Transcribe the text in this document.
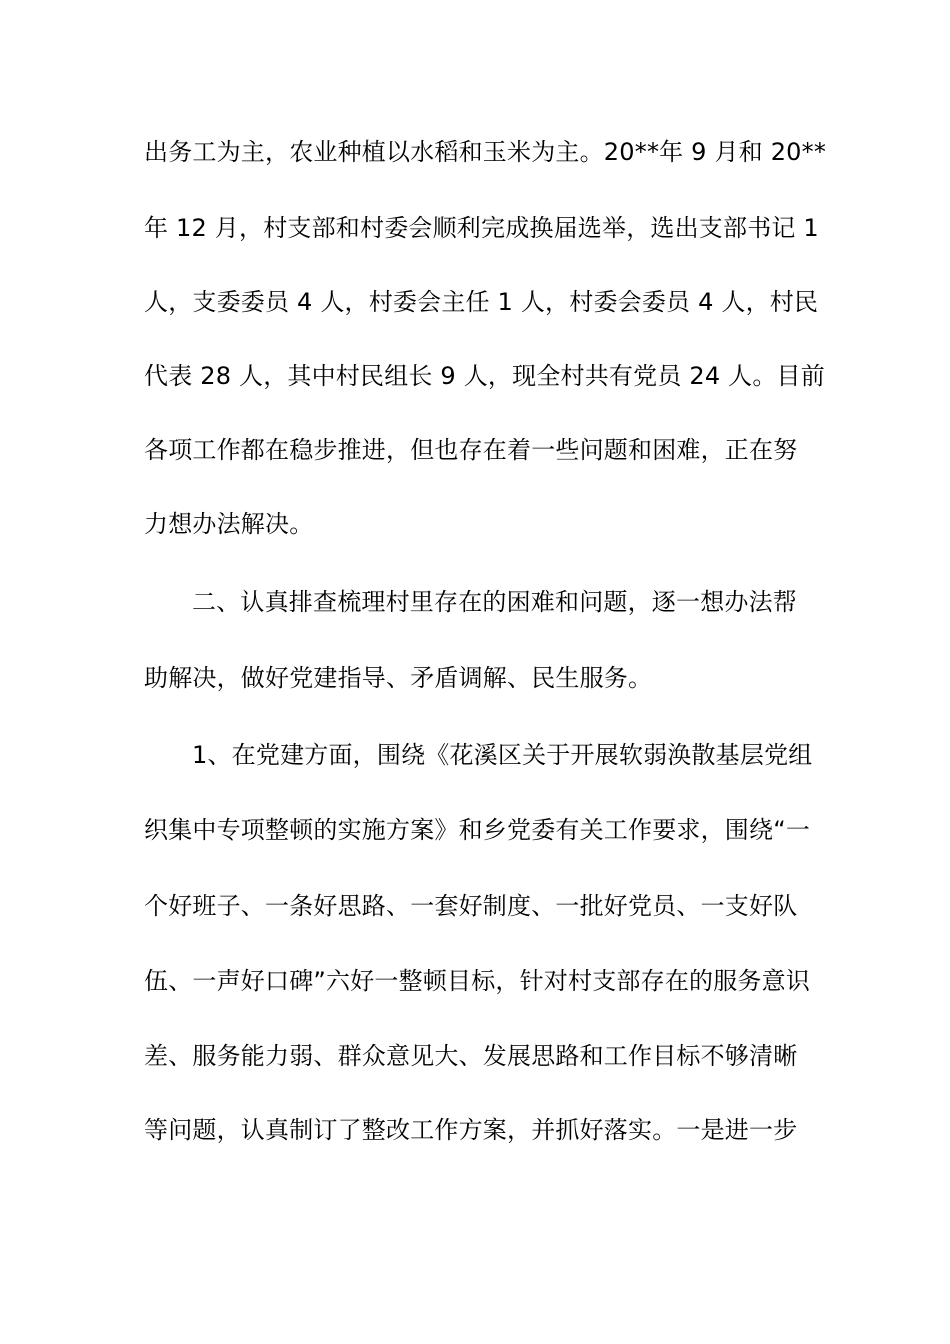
出务工为主，农业种植以水稻和玉米为主。20**年 9 月和 20**
年 12 月，村支部和村委会顺利完成换届选举，选出支部书记 1
人，支委委员 4 人，村委会主任 1 人，村委会委员 4 人，村民
代表 28 人，其中村民组长 9 人，现全村共有党员 24 人。目前
各项工作都在稳步推进，但也存在着一些问题和困难，正在努
力想办法解决。
二、认真排查梳理村里存在的困难和问题，逐一想办法帮
助解决，做好党建指导、矛盾调解、民生服务。
1、在党建方面，围绕《花溪区关于开展软弱涣散基层党组
织集中专项整顿的实施方案》和乡党委有关工作要求，围绕“一
个好班子、一条好思路、一套好制度、一批好党员、一支好队
伍、一声好口碑”六好一整顿目标，针对村支部存在的服务意识
差、服务能力弱、群众意见大、发展思路和工作目标不够清晰
等问题，认真制订了整改工作方案，并抓好落实。一是进一步
